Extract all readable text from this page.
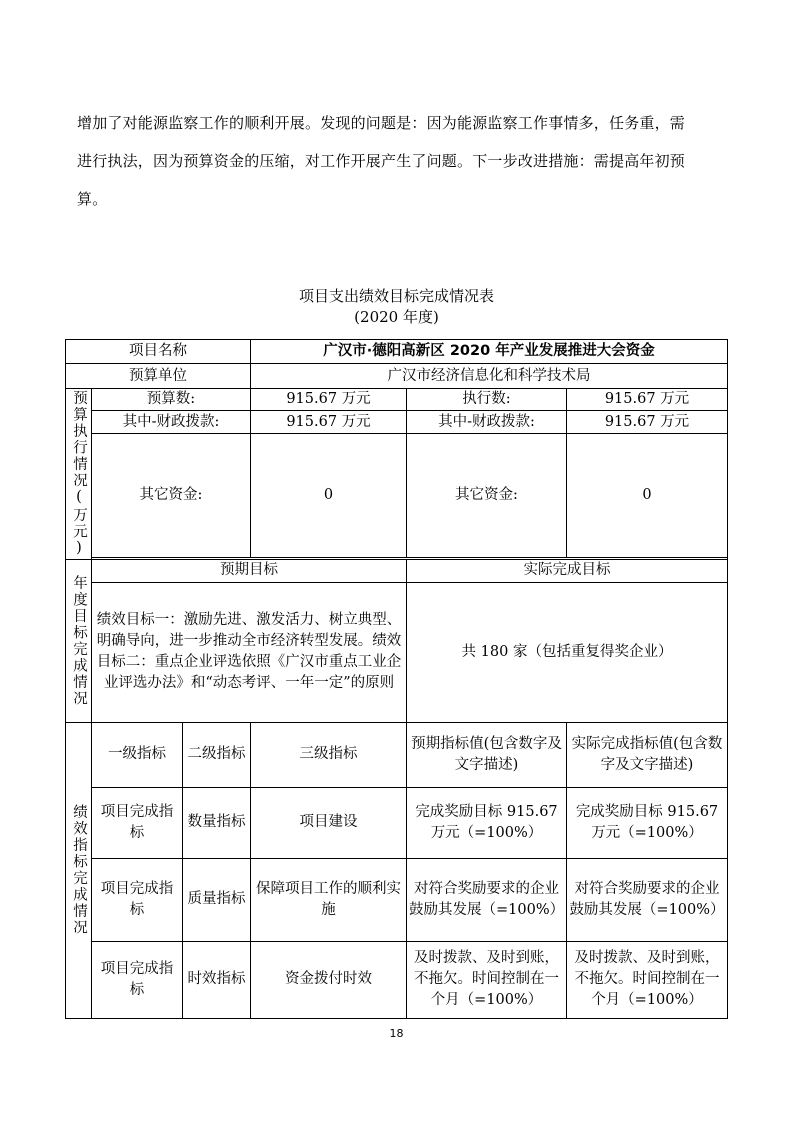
增加了对能源监察工作的顺利开展。发现的问题是：因为能源监察工作事情多，任务重，需
进行执法，因为预算资金的压缩，对工作开展产生了问题。下一步改进措施：需提高年初预
算。
项目支出绩效目标完成情况表
(2020 年度)
项目名称			广汉市·德阳高新区 2020 年产业发展推进大会资金		
预算单位			广汉市经济信息化和科学技术局		
预算执行情况(万元)	预算数:		915.67 万元	执行数:	915.67 万元
	其中-财政拨款:		915.67 万元	其中-财政拨款:	915.67 万元
	其它资金:		0	其它资金:	0

年度目标完成情况	预期目标			实际完成目标	
	绩效目标一：激励先进、激发活力、树立典型、明确导向，进一步推动全市经济转型发展。绩效目标二：重点企业评选依照《广汉市重点工业企业评选办法》和“动态考评、一年一定”的原则			共 180 家（包括重复得奖企业）	
绩效指标完成情况	一级指标	二级指标	三级指标	预期指标值(包含数字及文字描述)	实际完成指标值(包含数字及文字描述)
	项目完成指标	数量指标	项目建设	完成奖励目标 915.67 万元（=100%）	完成奖励目标 915.67 万元（=100%）
	项目完成指标	质量指标	保障项目工作的顺利实施	对符合奖励要求的企业鼓励其发展（=100%）	对符合奖励要求的企业鼓励其发展（=100%）
	项目完成指标	时效指标	资金拨付时效	及时拨款、及时到账，不拖欠。时间控制在一个月（=100%）	及时拨款、及时到账，不拖欠。时间控制在一个月（=100%）
18
